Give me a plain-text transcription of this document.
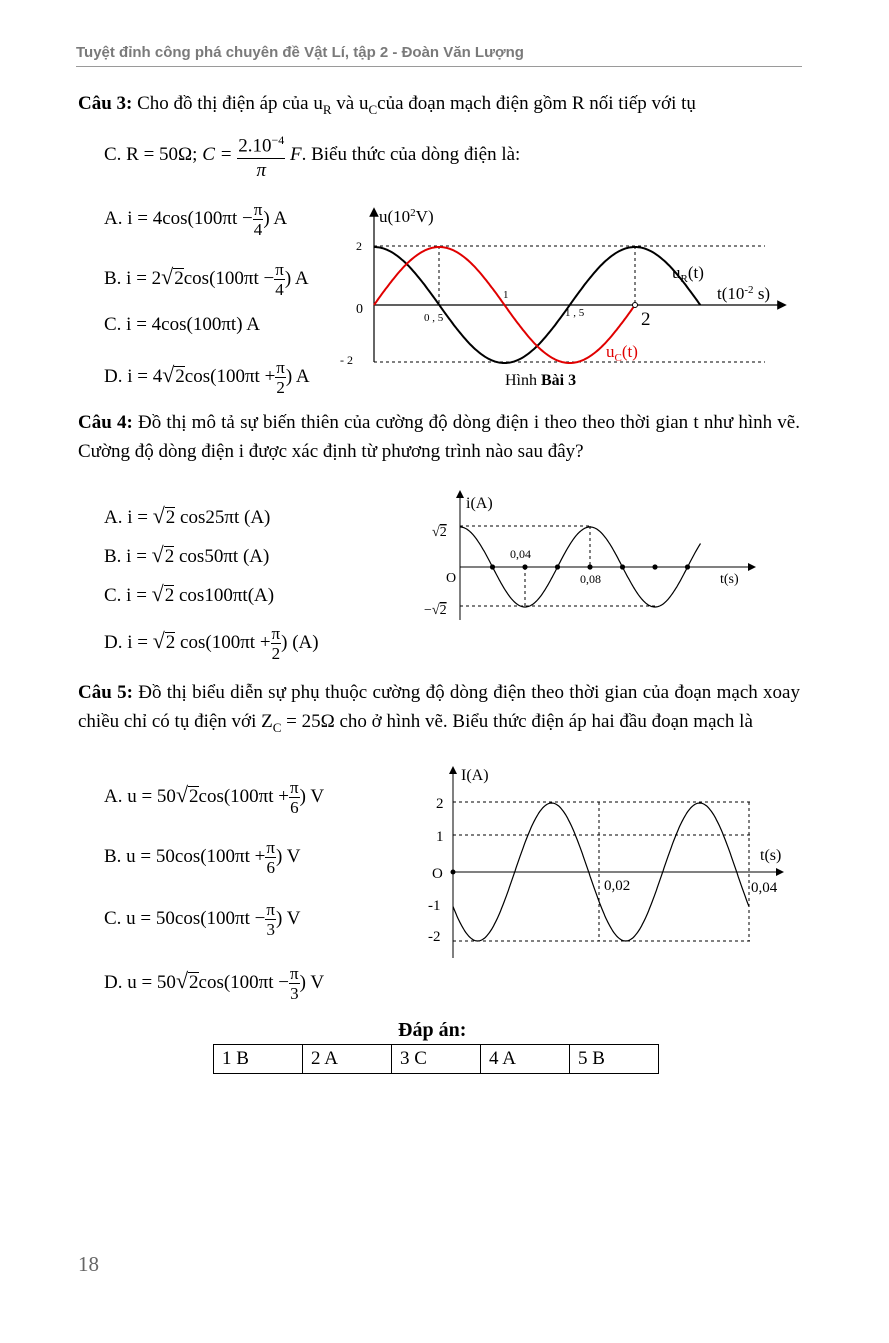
Tuyệt đỉnh công phá chuyên đề Vật Lí, tập 2 - Đoàn Văn Lượng
Câu 3: Cho đồ thị điện áp của $u_R$ và $u_Ccủa$ đoạn mạch điện gồm R nối tiếp với tụ
C. R = 50Ω; $C = \frac{2.10^{-4}}{\pi} F$. Biểu thức của dòng điện là:
A. $i = 4\cos(100\pi t - \frac{\pi}{4}$ ) A
B. $i = 2√2\cos(100\pi t - \frac{\pi}{4}$ ) A
C. i = 4cos(100πt) A
D. $i = 4√2\cos(100\pi t + \frac{\pi}{2}$ ) A
$u(10^2V)$
2
0
- 2
0 , 5
1
1 , 5	2
$t(10^{-2}$ s)
$u_R(t)$
$u_C(t)$
Hình Bài 3
Câu 4: Đồ thị mô tả sự biến thiên của cường độ dòng điện i theo theo thời gian t như hình vẽ. Cường độ dòng điện i được xác định từ phương trình nào sau đây?
A. i = √2 cos25πt (A)
B. i = √2 cos50πt (A)
C. i = √2 cos100πt(A)
D. i = √2 $\cos(100\pi t + \frac{\pi}{2}$ ) (A)
i(A)
√2
−√2
O
0,04
0,08	t(s)
Câu 5: Đồ thị biểu diễn sự phụ thuộc cường độ dòng điện theo thời gian của đoạn mạch xoay chiều chỉ có tụ điện với $Z_C = 25\Omega$ cho ở hình vẽ. Biểu thức điện áp hai đầu đoạn mạch là
A. $u = 50√2\cos(100\pi t + \frac{\pi}{6}$ ) V
B. $u = 50\cos(100\pi t + \frac{\pi}{6}$ ) V
C. $u = 50\cos(100\pi t - \frac{\pi}{3}$ ) V
D. $u = 50√2\cos(100\pi t - \frac{\pi}{3}$ ) V
I(A)
2
1
O
-1
-2
t(s)
0,02	0,04
Đáp án:
1 B	2 A	3 C	4 A	5 B
18
